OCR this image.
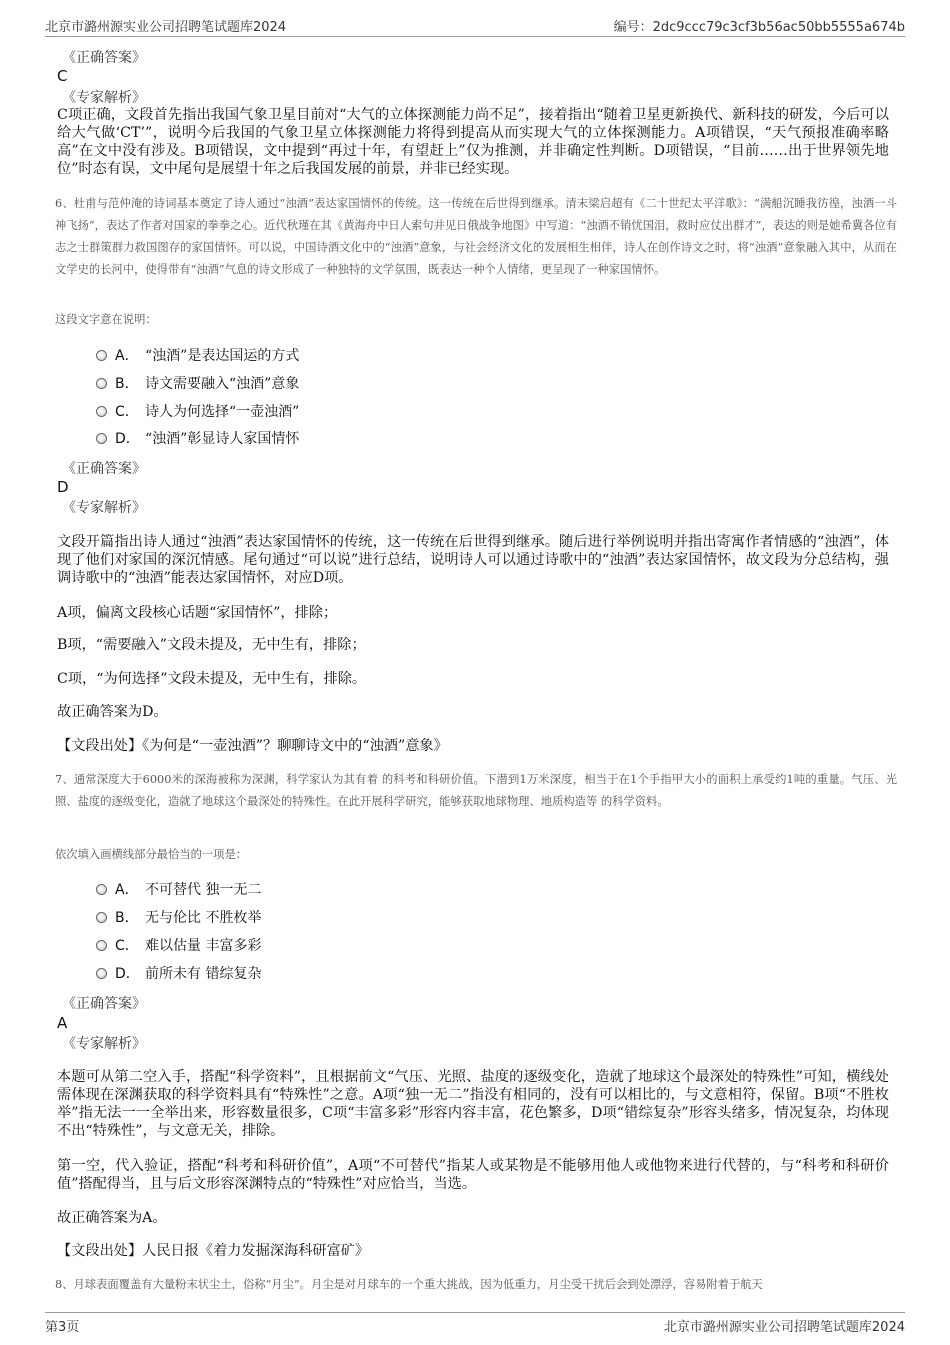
北京市潞州源实业公司招聘笔试题库2024	编号：2dc9ccc79c3cf3b56ac50bb5555a674b
《正确答案》
C
《专家解析》

C项正确，文段首先指出我国气象卫星目前对“大气的立体探测能力尚不足”，接着指出“随着卫星更新换代、新科技的研发，今后可以给大气做‘CT’”，说明今后我国的气象卫星立体探测能力将得到提高从而实现大气的立体探测能力。A项错误，“天气预报准确率略高”在文中没有涉及。B项错误，文中提到“再过十年，有望赶上”仅为推测，并非确定性判断。D项错误，“目前……出于世界领先地位”时态有误，文中尾句是展望十年之后我国发展的前景，并非已经实现。

6、杜甫与范仲淹的诗词基本奠定了诗人通过“浊酒”表达家国情怀的传统。这一传统在后世得到继承。清末梁启超有《二十世纪太平洋歌》：“满船沉睡我彷徨，浊酒一斗神飞扬”，表达了作者对国家的拳拳之心。近代秋瑾在其《黄海舟中日人索句并见日俄战争地图》中写道：“浊酒不销忧国泪，救时应仗出群才”，表达的则是她希冀各位有志之士群策群力救国图存的家国情怀。可以说，中国诗酒文化中的“浊酒”意象，与社会经济文化的发展相生相伴，诗人在创作诗文之时，将“浊酒”意象融入其中，从而在文学史的长河中，使得带有“浊酒”气息的诗文形成了一种独特的文学氛围，既表达一种个人情绪，更呈现了一种家国情怀。

这段文字意在说明：
A． “浊酒”是表达国运的方式
B． 诗文需要融入“浊酒”意象
C． 诗人为何选择“一壶浊酒”
D． “浊酒”彰显诗人家国情怀
《正确答案》
D
《专家解析》

文段开篇指出诗人通过“浊酒”表达家国情怀的传统，这一传统在后世得到继承。随后进行举例说明并指出寄寓作者情感的“浊酒”，体现了他们对家国的深沉情感。尾句通过“可以说”进行总结，说明诗人可以通过诗歌中的“浊酒”表达家国情怀，故文段为分总结构，强调诗歌中的“浊酒”能表达家国情怀，对应D项。

A项，偏离文段核心话题“家国情怀”，排除；

B项，“需要融入”文段未提及，无中生有，排除；

C项，“为何选择”文段未提及，无中生有，排除。

故正确答案为D。

【文段出处】《为何是“一壶浊酒”？聊聊诗文中的“浊酒”意象》

7、通常深度大于6000米的深海被称为深渊，科学家认为其有着 的科考和科研价值。下潜到1万米深度，相当于在1个手指甲大小的面积上承受约1吨的重量。气压、光照、盐度的逐级变化，造就了地球这个最深处的特殊性。在此开展科学研究，能够获取地球物理、地质构造等 的科学资料。

依次填入画横线部分最恰当的一项是：
A． 不可替代 独一无二
B． 无与伦比 不胜枚举
C． 难以估量 丰富多彩
D． 前所未有 错综复杂
《正确答案》
A
《专家解析》

本题可从第二空入手，搭配“科学资料”，且根据前文“气压、光照、盐度的逐级变化，造就了地球这个最深处的特殊性”可知，横线处需体现在深渊获取的科学资料具有“特殊性”之意。A项“独一无二”指没有相同的，没有可以相比的，与文意相符，保留。B项“不胜枚举”指无法一一全举出来，形容数量很多，C项“丰富多彩”形容内容丰富，花色繁多，D项“错综复杂”形容头绪多，情况复杂，均体现不出“特殊性”，与文意无关，排除。

第一空，代入验证，搭配“科考和科研价值”，A项“不可替代”指某人或某物是不能够用他人或他物来进行代替的，与“科考和科研价值”搭配得当，且与后文形容深渊特点的“特殊性”对应恰当，当选。

故正确答案为A。

【文段出处】人民日报《着力发掘深海科研富矿》

8、月球表面覆盖有大量粉末状尘土，俗称“月尘”。月尘是对月球车的一个重大挑战，因为低重力，月尘受干扰后会到处漂浮，容易附着于航天

第3页	北京市潞州源实业公司招聘笔试题库2024
